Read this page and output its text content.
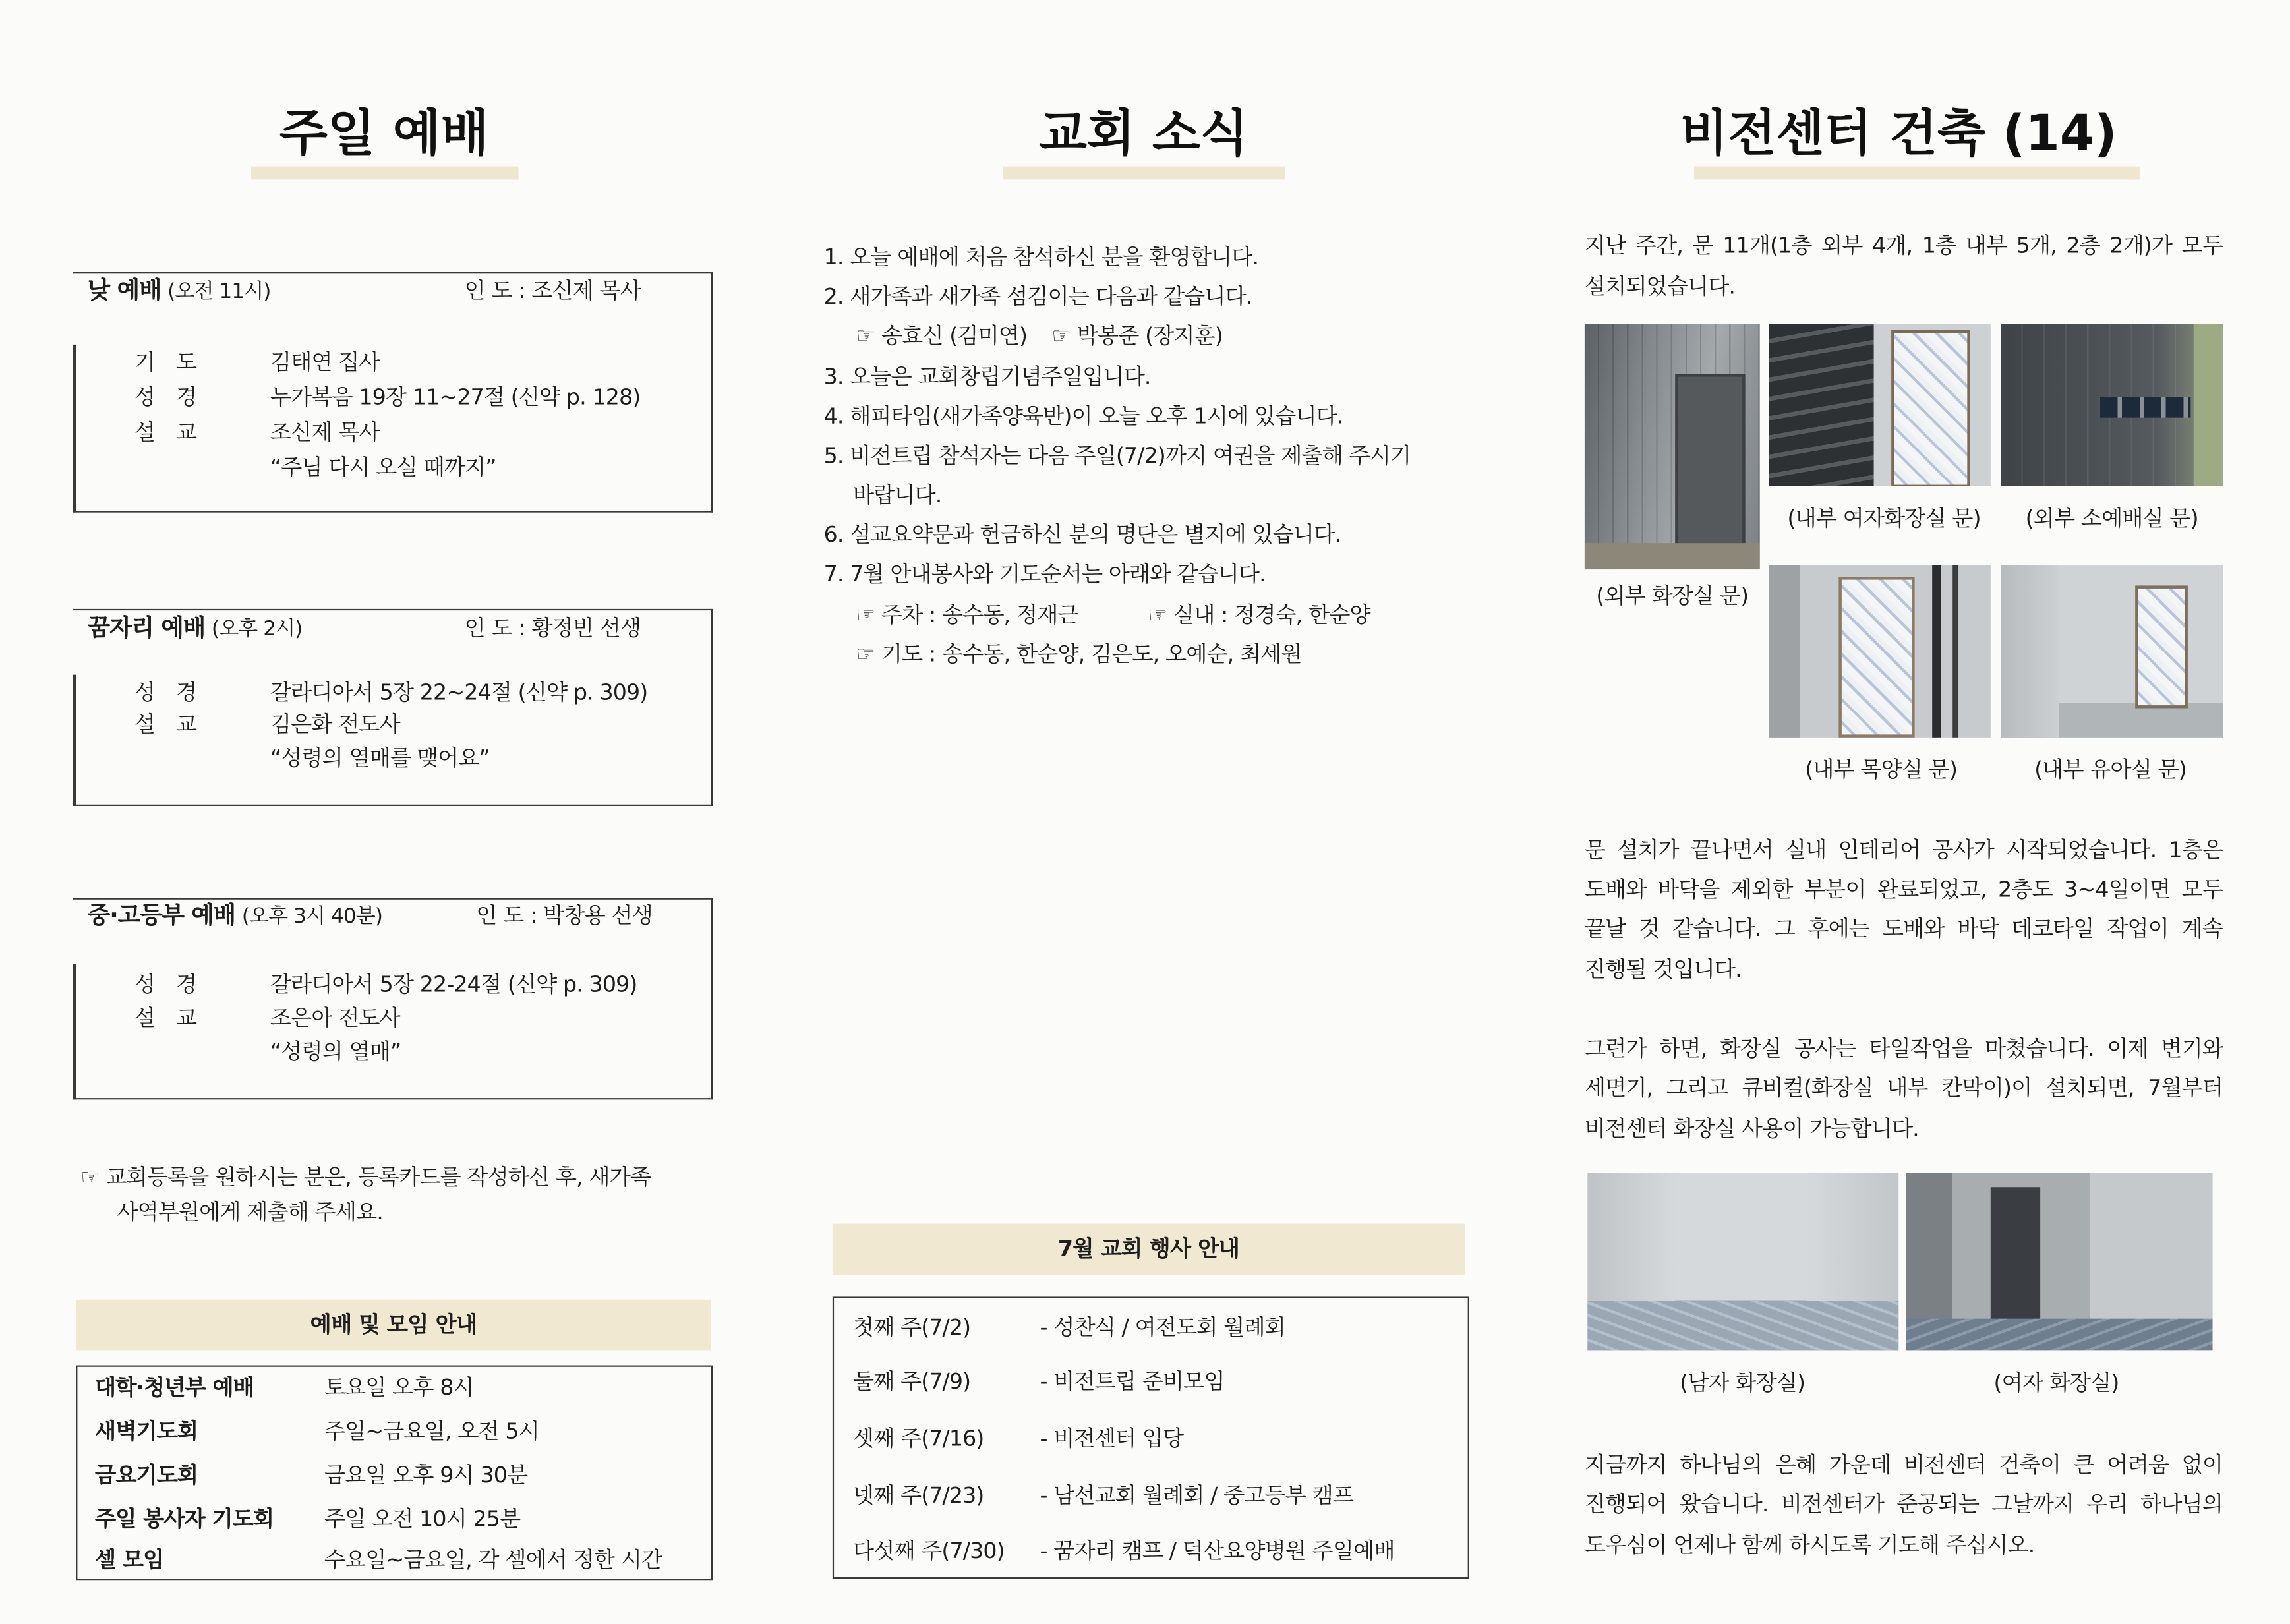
주일 예배
낮 예배 (오전 11시)	인 도 : 조신제 목사
기 도	김태연 집사
성 경	누가복음 19장 11~27절 (신약 p. 128)
설 교	조신제 목사
“주님 다시 오실 때까지”
꿈자리 예배 (오후 2시)	인 도 : 황정빈 선생
성 경	갈라디아서 5장 22~24절 (신약 p. 309)
설 교	김은화 전도사
“성령의 열매를 맺어요”
중·고등부 예배 (오후 3시 40분)	인 도 : 박창용 선생
성 경	갈라디아서 5장 22-24절 (신약 p. 309)
설 교	조은아 전도사
“성령의 열매”
☞ 교회등록을 원하시는 분은, 등록카드를 작성하신 후, 새가족
사역부원에게 제출해 주세요.
예배 및 모임 안내
대학·청년부 예배	토요일 오후 8시
새벽기도회	주일~금요일, 오전 5시
금요기도회	금요일 오후 9시 30분
주일 봉사자 기도회	주일 오전 10시 25분
셀 모임	수요일~금요일, 각 셀에서 정한 시간
교회 소식
1. 오늘 예배에 처음 참석하신 분을 환영합니다.
2. 새가족과 새가족 섬김이는 다음과 같습니다.
☞ 송효신 (김미연) ☞ 박봉준 (장지훈)
3. 오늘은 교회창립기념주일입니다.
4. 해피타임(새가족양육반)이 오늘 오후 1시에 있습니다.
5. 비전트립 참석자는 다음 주일(7/2)까지 여권을 제출해 주시기
바랍니다.
6. 설교요약문과 헌금하신 분의 명단은 별지에 있습니다.
7. 7월 안내봉사와 기도순서는 아래와 같습니다.
☞ 주차 : 송수동, 정재근	☞ 실내 : 정경숙, 한순양
☞ 기도 : 송수동, 한순양, 김은도, 오예순, 최세원
7월 교회 행사 안내
첫째 주(7/2)	- 성찬식 / 여전도회 월례회
둘째 주(7/9)	- 비전트립 준비모임
셋째 주(7/16)	- 비전센터 입당
넷째 주(7/23)	- 남선교회 월례회 / 중고등부 캠프
다섯째 주(7/30)	- 꿈자리 캠프 / 덕산요양병원 주일예배
비전센터 건축 (14)
지난 주간, 문 11개(1층 외부 4개, 1층 내부 5개, 2층 2개)가 모두
설치되었습니다.
(외부 화장실 문)
(내부 여자화장실 문)	(외부 소예배실 문)
(내부 목양실 문)	(내부 유아실 문)
문 설치가 끝나면서 실내 인테리어 공사가 시작되었습니다. 1층은
도배와 바닥을 제외한 부분이 완료되었고, 2층도 3~4일이면 모두
끝날 것 같습니다. 그 후에는 도배와 바닥 데코타일 작업이 계속
진행될 것입니다.
그런가 하면, 화장실 공사는 타일작업을 마쳤습니다. 이제 변기와
세면기, 그리고 큐비컬(화장실 내부 칸막이)이 설치되면, 7월부터
비전센터 화장실 사용이 가능합니다.
(남자 화장실)	(여자 화장실)
지금까지 하나님의 은혜 가운데 비전센터 건축이 큰 어려움 없이
진행되어 왔습니다. 비전센터가 준공되는 그날까지 우리 하나님의
도우심이 언제나 함께 하시도록 기도해 주십시오.
